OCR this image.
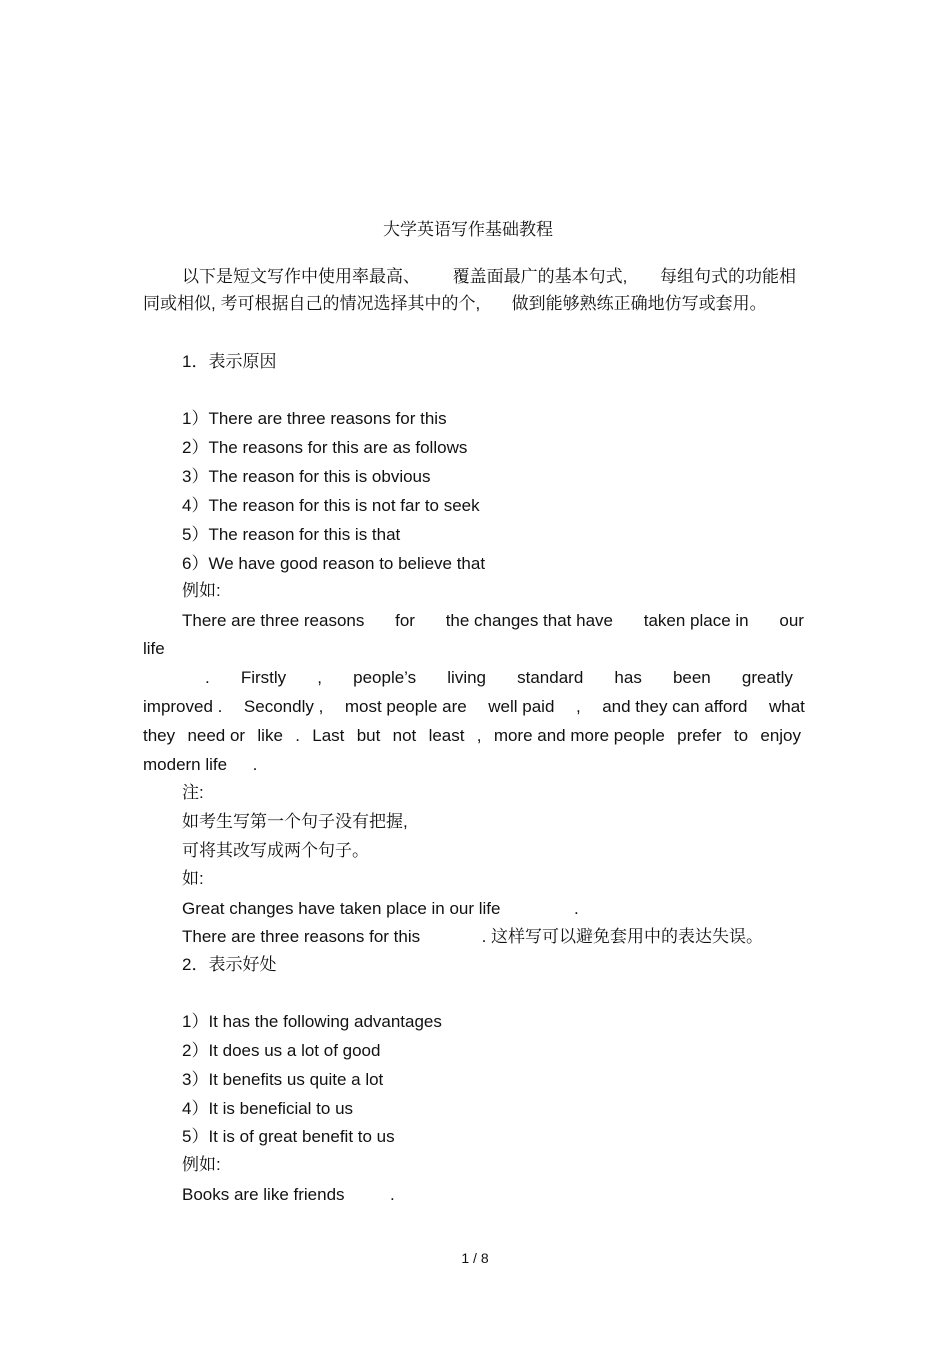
大学英语写作基础教程
以下是短文写作中使用率最高、 覆盖面最广的基本句式, 每组句式的功能相
同或相似, 考可根据自己的情况选择其中的个, 做到能够熟练正确地仿写或套用。
1．表示原因
1）There are three reasons for this
2）The reasons for this are as follows
3）The reason for this is obvious
4）The reason for this is not far to seek
5）The reason for this is that
6）We have good reason to believe that
例如:
There are three reasons for the changes that have taken place in our
life
. Firstly , people’s living standard has been greatly
improved . Secondly , most people are well paid , and they can afford what
they need or like . Last but not least , more and more people prefer to enjoy
modern life .
注:
如考生写第一个句子没有把握,
可将其改写成两个句子。
如:
Great changes have taken place in our life	.
There are three reasons for this	. 这样写可以避免套用中的表达失误。
2．表示好处
1）It has the following advantages
2）It does us a lot of good
3）It benefits us quite a lot
4）It is beneficial to us
5）It is of great benefit to us
例如:
Books are like friends	.
1 / 8
